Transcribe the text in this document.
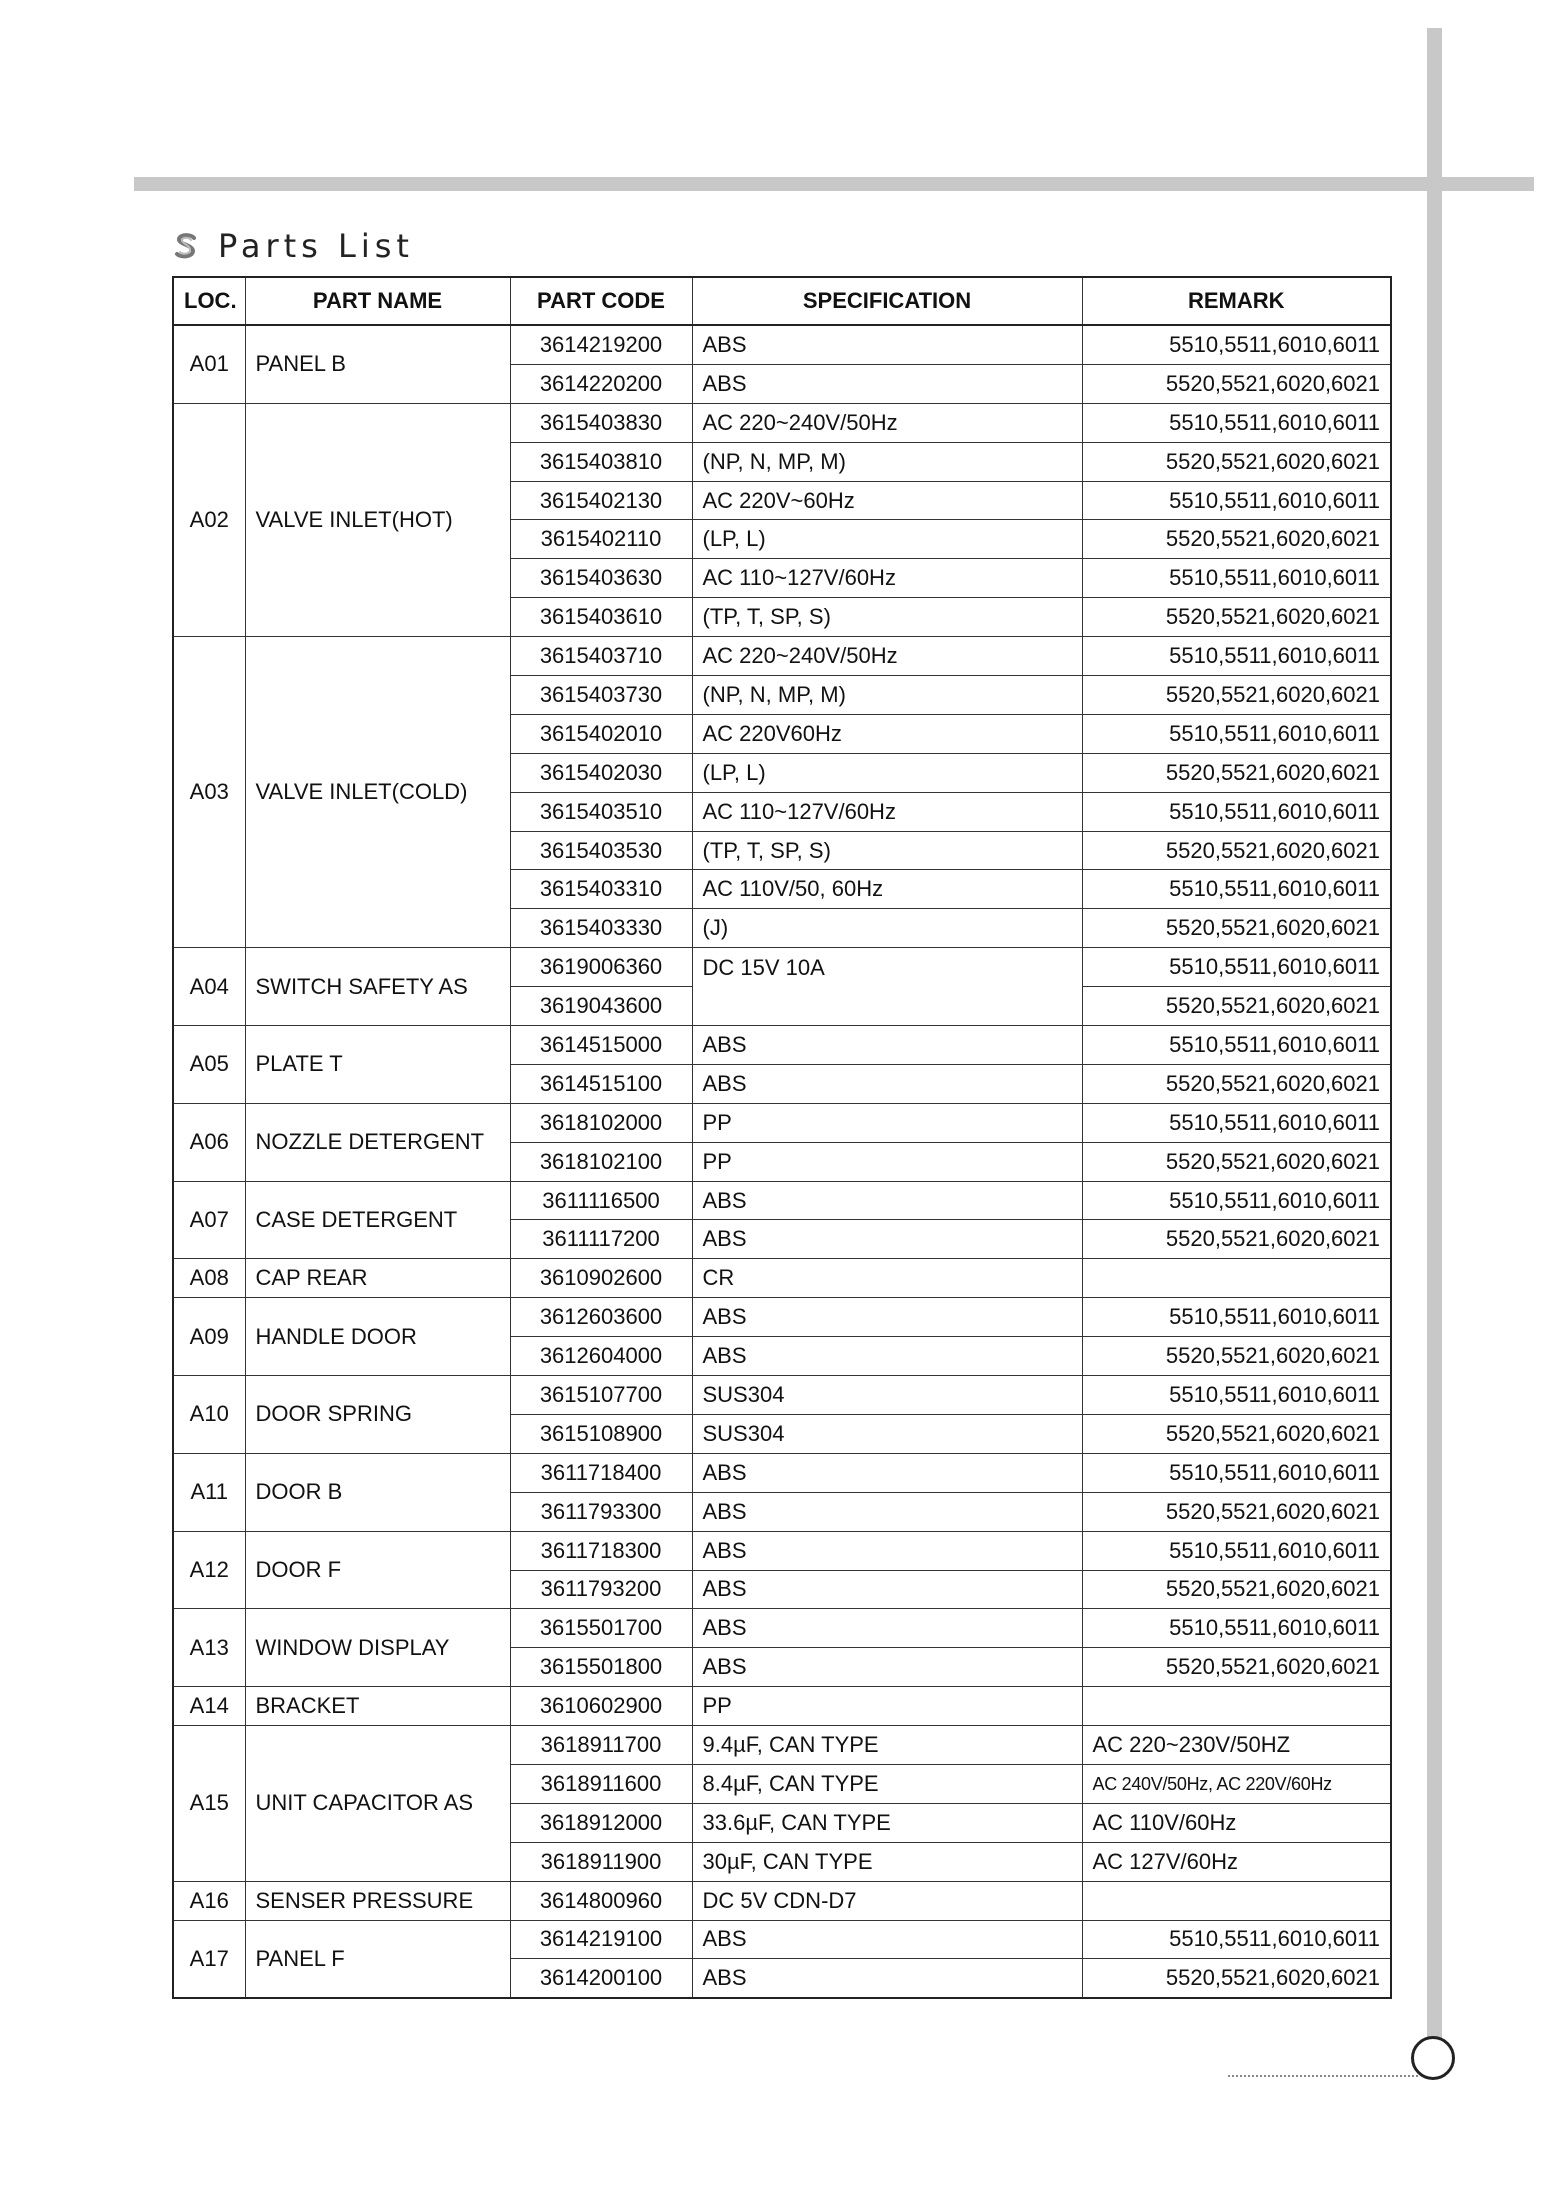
Parts List
LOC.	PART NAME	PART CODE	SPECIFICATION	REMARK
A01	PANEL B	3614219200	ABS	5510,5511,6010,6011
		3614220200	ABS	5520,5521,6020,6021
A02	VALVE INLET(HOT)	3615403830	AC 220~240V/50Hz	5510,5511,6010,6011
		3615403810	(NP, N, MP, M)	5520,5521,6020,6021
		3615402130	AC 220V~60Hz	5510,5511,6010,6011
		3615402110	(LP, L)	5520,5521,6020,6021
		3615403630	AC 110~127V/60Hz	5510,5511,6010,6011
		3615403610	(TP, T, SP, S)	5520,5521,6020,6021
A03	VALVE INLET(COLD)	3615403710	AC 220~240V/50Hz	5510,5511,6010,6011
		3615403730	(NP, N, MP, M)	5520,5521,6020,6021
		3615402010	AC 220V60Hz	5510,5511,6010,6011
		3615402030	(LP, L)	5520,5521,6020,6021
		3615403510	AC 110~127V/60Hz	5510,5511,6010,6011
		3615403530	(TP, T, SP, S)	5520,5521,6020,6021
		3615403310	AC 110V/50, 60Hz	5510,5511,6010,6011
		3615403330	(J)	5520,5521,6020,6021
A04	SWITCH SAFETY AS	3619006360	DC 15V 10A	5510,5511,6010,6011
		3619043600		5520,5521,6020,6021
A05	PLATE T	3614515000	ABS	5510,5511,6010,6011
		3614515100	ABS	5520,5521,6020,6021
A06	NOZZLE DETERGENT	3618102000	PP	5510,5511,6010,6011
		3618102100	PP	5520,5521,6020,6021
A07	CASE DETERGENT	3611116500	ABS	5510,5511,6010,6011
		3611117200	ABS	5520,5521,6020,6021
A08	CAP REAR	3610902600	CR	
A09	HANDLE DOOR	3612603600	ABS	5510,5511,6010,6011
		3612604000	ABS	5520,5521,6020,6021
A10	DOOR SPRING	3615107700	SUS304	5510,5511,6010,6011
		3615108900	SUS304	5520,5521,6020,6021
A11	DOOR B	3611718400	ABS	5510,5511,6010,6011
		3611793300	ABS	5520,5521,6020,6021
A12	DOOR F	3611718300	ABS	5510,5511,6010,6011
		3611793200	ABS	5520,5521,6020,6021
A13	WINDOW DISPLAY	3615501700	ABS	5510,5511,6010,6011
		3615501800	ABS	5520,5521,6020,6021
A14	BRACKET	3610602900	PP	
A15	UNIT CAPACITOR AS	3618911700	9.4µF, CAN TYPE	AC 220~230V/50HZ
		3618911600	8.4µF, CAN TYPE	AC 240V/50Hz, AC 220V/60Hz
		3618912000	33.6µF, CAN TYPE	AC 110V/60Hz
		3618911900	30µF, CAN TYPE	AC 127V/60Hz
A16	SENSER PRESSURE	3614800960	DC 5V CDN-D7	
A17	PANEL F	3614219100	ABS	5510,5511,6010,6011
		3614200100	ABS	5520,5521,6020,6021
